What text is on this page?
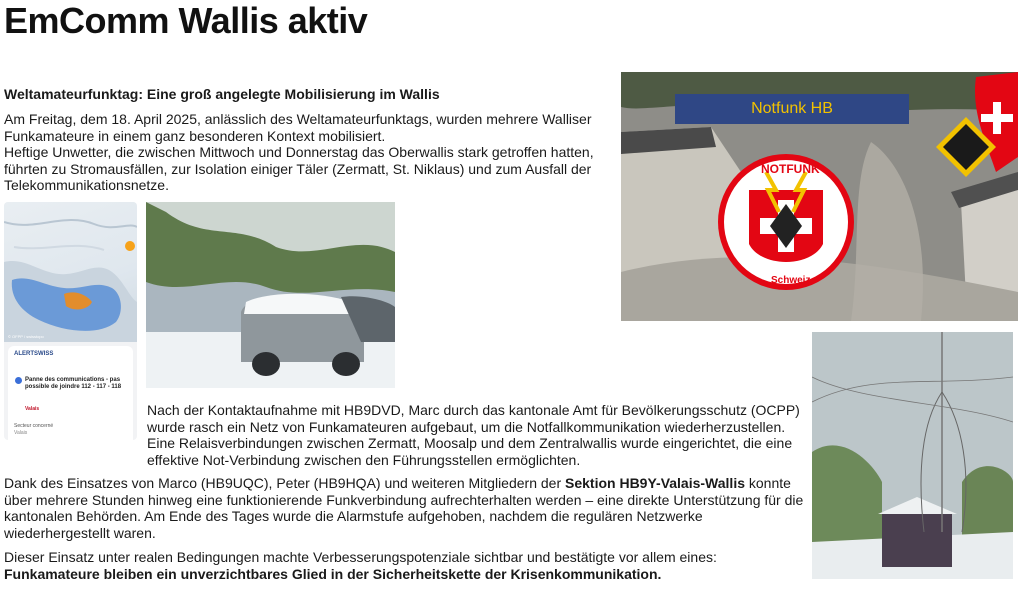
EmComm Wallis aktiv
Weltamateurfunktag: Eine groß angelegte Mobilisierung im Wallis
Am Freitag, dem 18. April 2025, anlässlich des Weltamateurfunktags, wurden mehrere Walliser Funkamateure in einem ganz besonderen Kontext mobilisiert.
Heftige Unwetter, die zwischen Mittwoch und Donnerstag das Oberwallis stark getroffen hatten, führten zu Stromausfällen, zur Isolation einiger Täler (Zermatt, St. Niklaus) und zum Ausfall der Telekommunikationsnetze.
© OFPP / swisstopo
ALERTSWISS
Panne des communications - pas possible de joindre 112 - 117 - 118
Valais
Secteur concerné
Valais
Nach der Kontaktaufnahme mit HB9DVD, Marc durch das kantonale Amt für Bevölkerungsschutz (OCPP) wurde rasch ein Netz von Funkamateuren aufgebaut, um die Notfallkommunikation wiederherzustellen. Eine Relaisverbindungen zwischen Zermatt, Moosalp und dem Zentralwallis wurde eingerichtet, die eine effektive Not-Verbindung zwischen den Führungsstellen ermöglichten.
Dank des Einsatzes von Marco (HB9UQC), Peter (HB9HQA) und weiteren Mitgliedern der Sektion HB9Y-Valais-Wallis konnte über mehrere Stunden hinweg eine funktionierende Funkverbindung aufrechterhalten werden – eine direkte Unterstützung für die kantonalen Behörden. Am Ende des Tages wurde die Alarmstufe aufgehoben, nachdem die regulären Netzwerke wiederhergestellt waren.
Dieser Einsatz unter realen Bedingungen machte Verbesserungspotenziale sichtbar und bestätigte vor allem eines:
Funkamateure bleiben ein unverzichtbares Glied in der Sicherheitskette der Krisenkommunikation.
Notfunk HB
NOTFUNK
Schweiz
